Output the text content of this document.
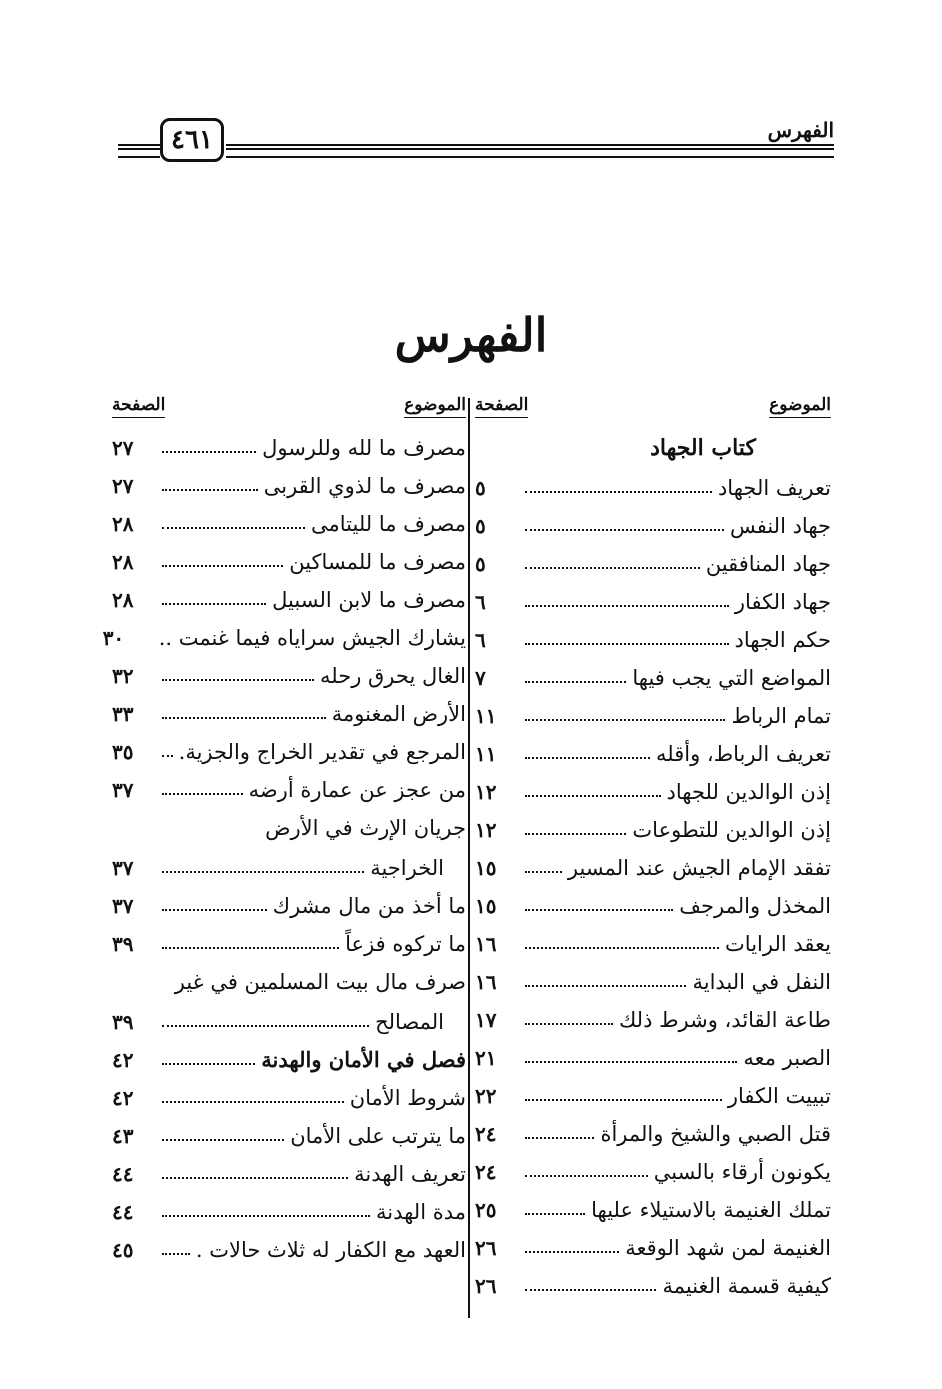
٤٦١	الفهرس
الفهرس
الموضوع
الصفحة
كتاب الجهاد
تعريف الجهاد
٥
جهاد النفس
٥
جهاد المنافقين
٥
جهاد الكفار
٦
حكم الجهاد
٦
المواضع التي يجب فيها
٧
تمام الرباط
١١
تعريف الرباط، وأقله
١١
إذن الوالدين للجهاد
١٢
إذن الوالدين للتطوعات
١٢
تفقد الإمام الجيش عند المسير
١٥
المخذل والمرجف
١٥
يعقد الرايات
١٦
النفل في البداية
١٦
طاعة القائد، وشرط ذلك
١٧
الصبر معه
٢١
تبييت الكفار
٢٢
قتل الصبي والشيخ والمرأة
٢٤
يكونون أرقاء بالسبي
٢٤
تملك الغنيمة بالاستيلاء عليها
٢٥
الغنيمة لمن شهد الوقعة
٢٦
كيفية قسمة الغنيمة
٢٦
الموضوع
الصفحة
مصرف ما لله وللرسول
٢٧
مصرف ما لذوي القربى
٢٧
مصرف ما لليتامى
٢٨
مصرف ما للمساكين
٢٨
مصرف ما لابن السبيل
٢٨
يشارك الجيش سراياه فيما غنمت ..
٣٠
الغال يحرق رحله
٣٢
الأرض المغنومة
٣٣
المرجع في تقدير الخراج والجزية.
٣٥
من عجز عن عمارة أرضه
٣٧
جريان الإرث في الأرض
الخراجية
٣٧
ما أخذ من مال مشرك
٣٧
ما تركوه فزعاً
٣٩
صرف مال بيت المسلمين في غير
المصالح
٣٩
فصل في الأمان والهدنة
٤٢
شروط الأمان
٤٢
ما يترتب على الأمان
٤٣
تعريف الهدنة
٤٤
مدة الهدنة
٤٤
العهد مع الكفار له ثلاث حالات .
٤٥
